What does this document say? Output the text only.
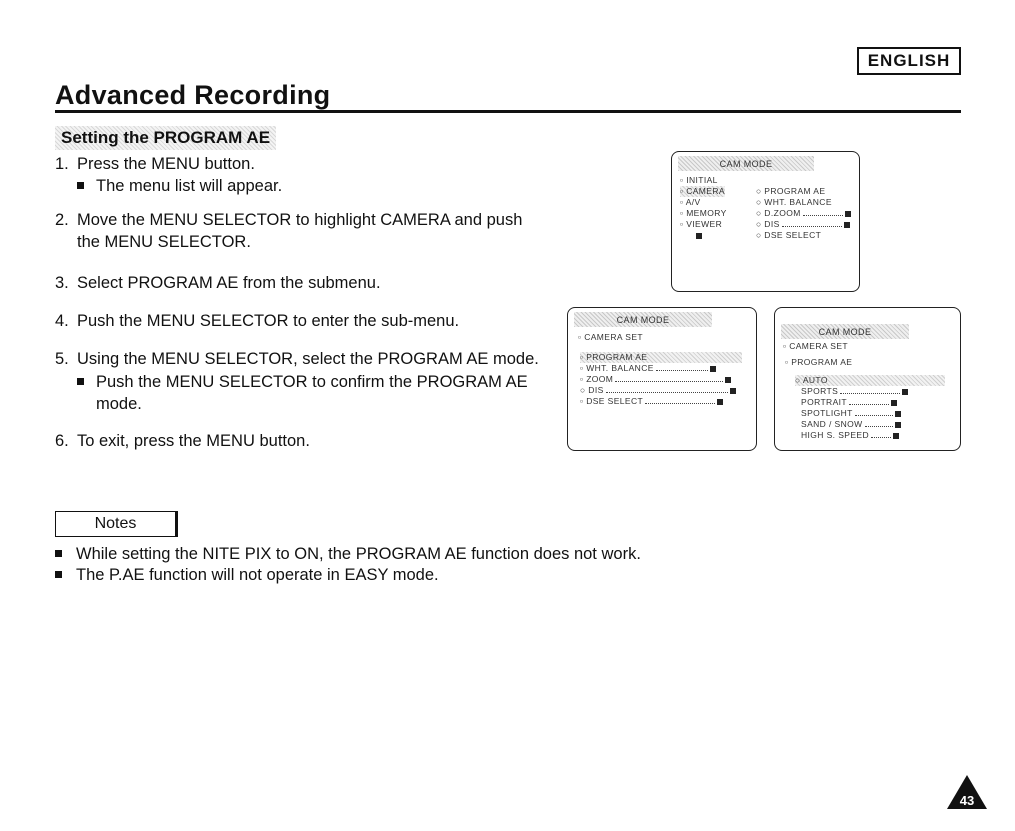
ENGLISH
Advanced Recording
Setting the PROGRAM AE
1. Press the MENU button.
The menu list will appear.
2. Move the MENU SELECTOR to highlight CAMERA and push
the MENU SELECTOR.
3. Select PROGRAM AE from the submenu.
4. Push the MENU SELECTOR to enter the sub-menu.
5. Using the MENU SELECTOR, select the PROGRAM AE mode.
Push the MENU SELECTOR to confirm the PROGRAM AE
mode.
6. To exit, press the MENU button.
CAM MODE
▫ INITIAL
▫ CAMERA
▫ A/V
▫ MEMORY
▫ VIEWER
○ PROGRAM AE
○ WHT. BALANCE
○ D.ZOOM
○ DIS
○ DSE SELECT
CAM MODE
▫ CAMERA SET
▫ PROGRAM AE
▫ WHT. BALANCE
▫ ZOOM
○ DIS
▫ DSE SELECT
CAM MODE
▫ CAMERA SET
▫ PROGRAM AE
○ AUTO
SPORTS
PORTRAIT
SPOTLIGHT
SAND / SNOW
HIGH S. SPEED
Notes
While setting the NITE PIX to ON, the PROGRAM AE function does not work.
The P.AE function will not operate in EASY mode.
43
